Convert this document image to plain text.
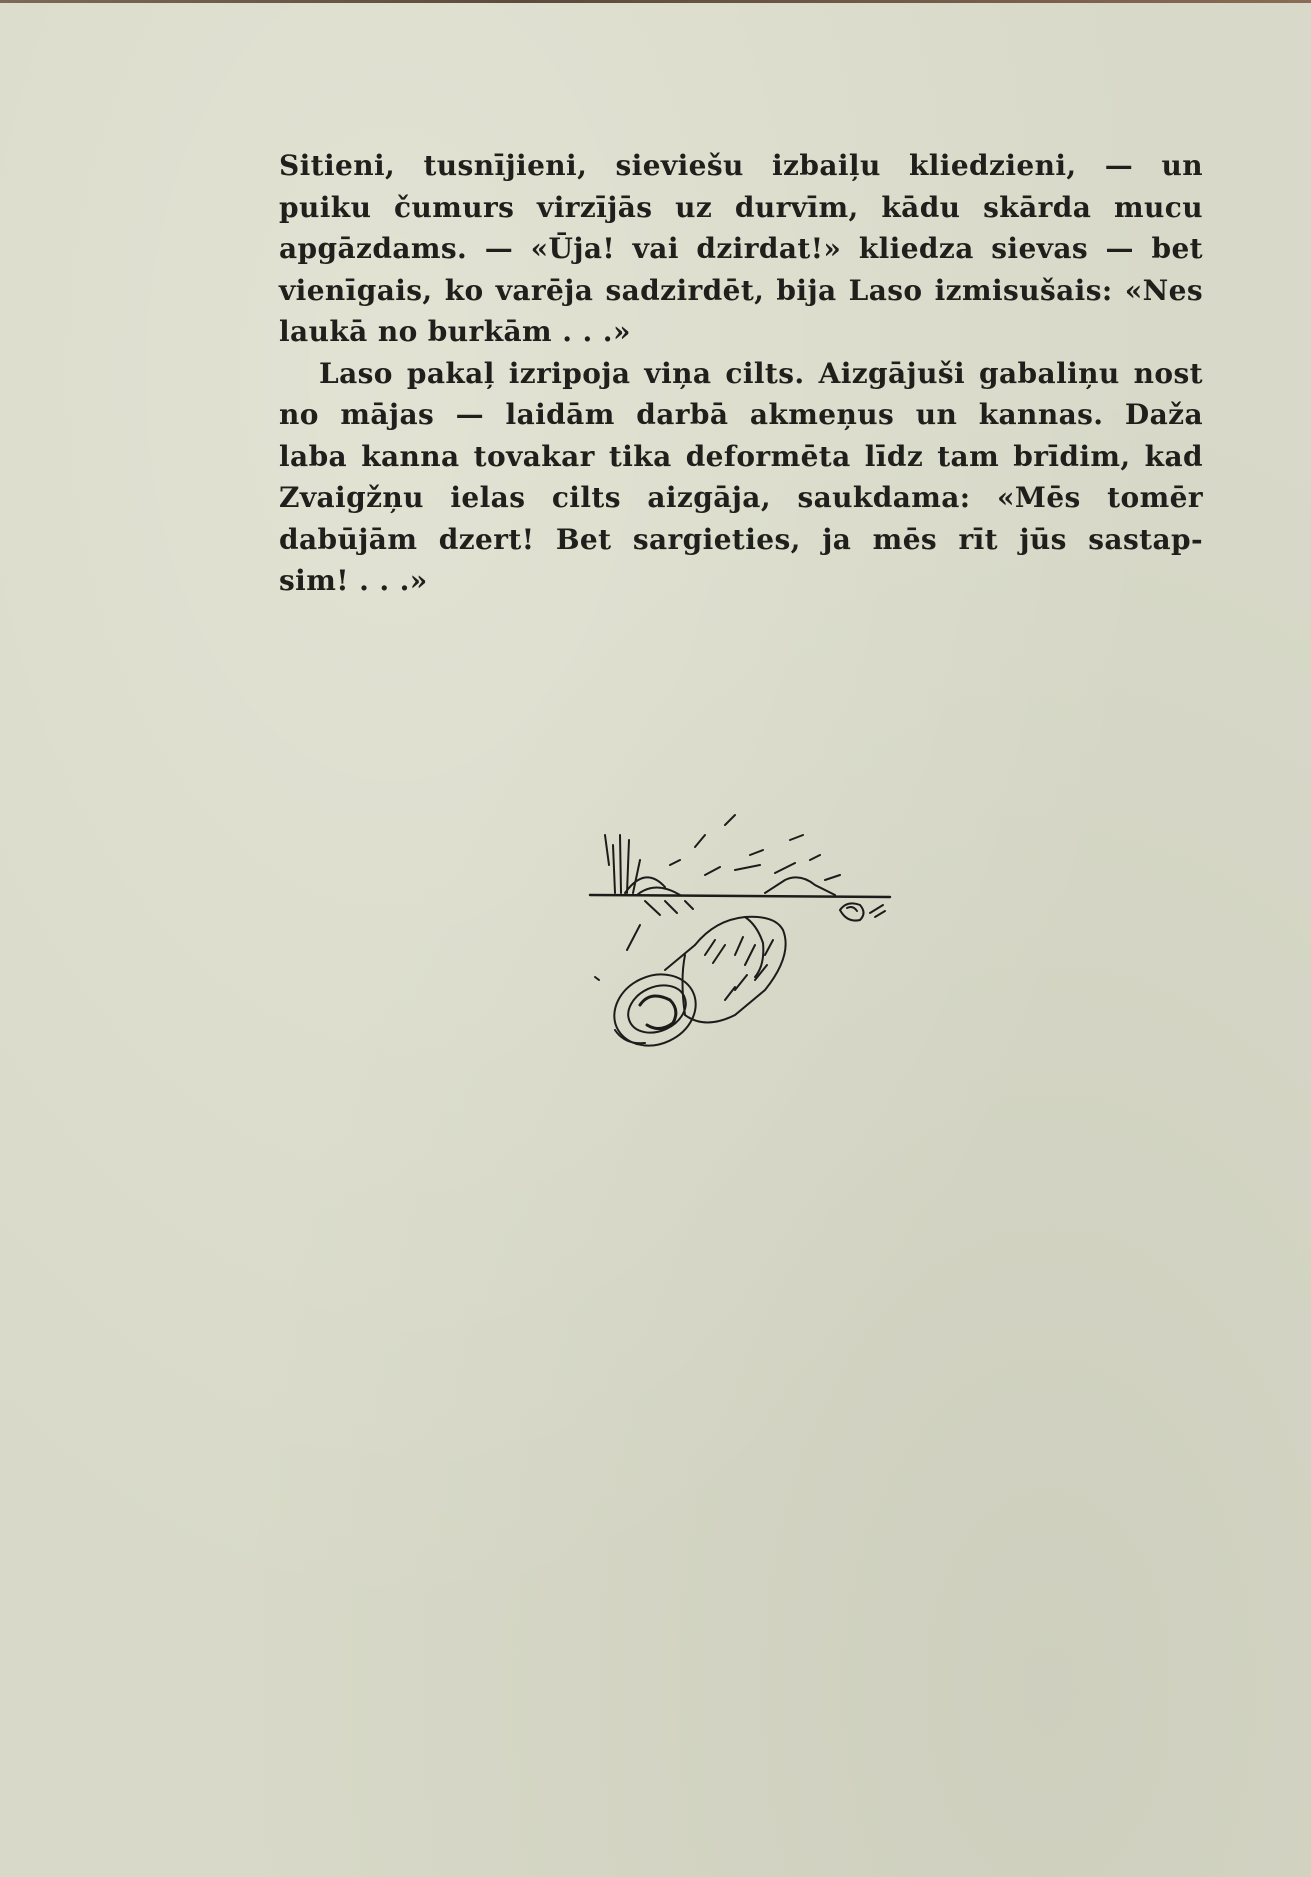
Sitieni, tusnījieni, sieviešu izbaiļu kliedzieni, — un
puiku čumurs virzījās uz durvīm, kādu skārda mucu
apgāzdams. — «Ūja! vai dzirdat!» kliedza sievas — bet
vienīgais, ko varēja sadzirdēt, bija Laso izmisušais: «Nes
laukā no burkām . . .»

Laso pakaļ izripoja viņa cilts. Aizgājuši gabaliņu nost
no mājas — laidām darbā akmeņus un kannas. Daža
laba kanna tovakar tika deformēta līdz tam brīdim, kad
Zvaigžņu ielas cilts aizgāja, saukdama: «Mēs tomēr
dabūjām dzert! Bet sargieties, ja mēs rīt jūs sastap-
sim! . . .»
